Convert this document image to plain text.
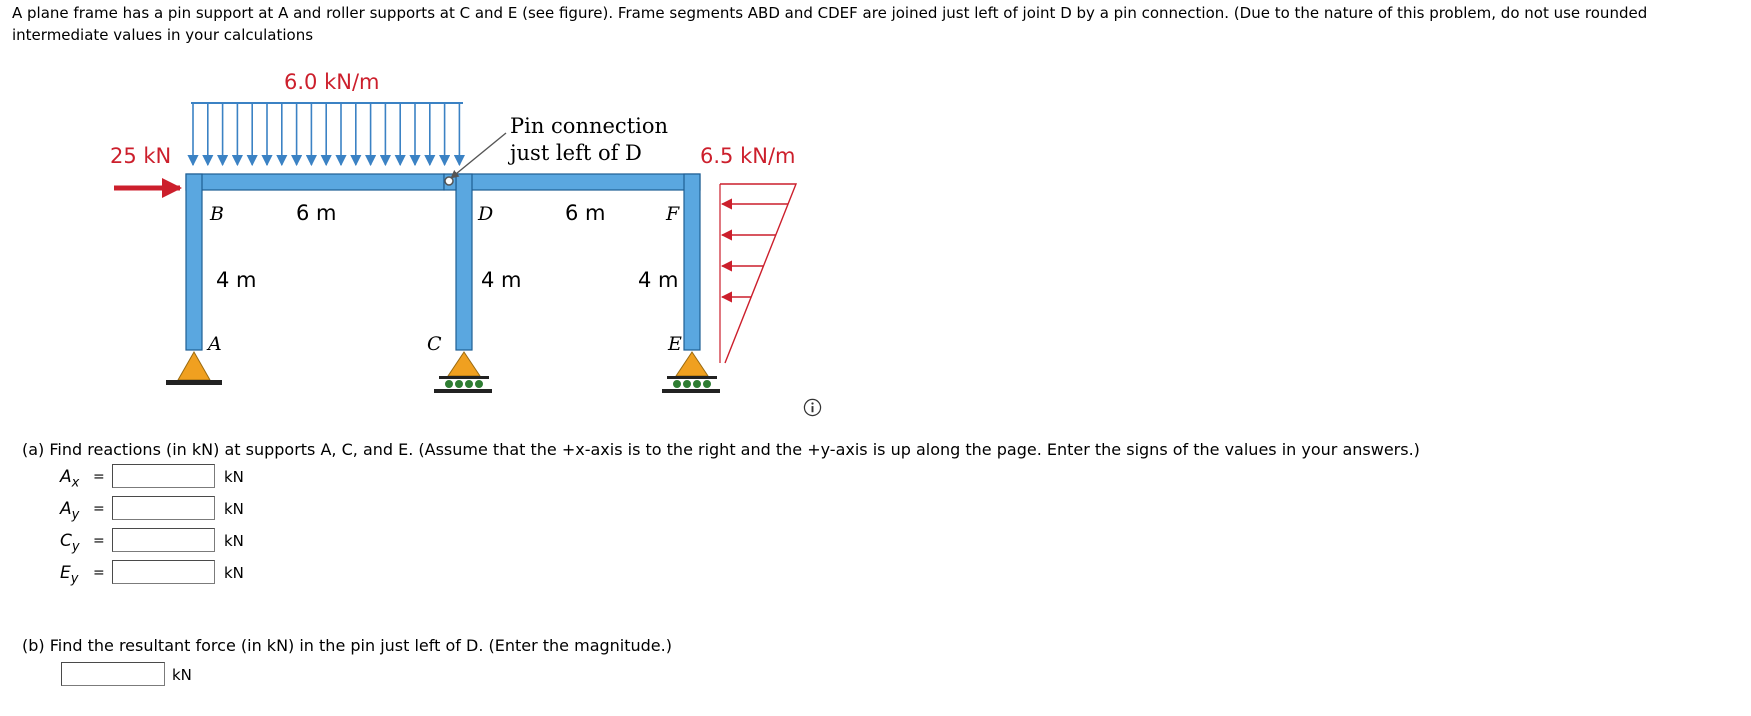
A plane frame has a pin support at A and roller supports at C and E (see figure). Frame segments ABD and CDEF are joined just left of joint D by a pin connection. (Due to the nature of this problem, do not use rounded intermediate values in your calculations
6.0 kN/m
25 kN	6.5 kN/m
Pin connection
just left of D
6 m	6 m
4 m	4 m	4 m
B	D	F
A	C	E
(a) Find reactions (in kN) at supports A, C, and E. (Assume that the +x-axis is to the right and the +y-axis is up along the page. Enter the signs of the values in your answers.)
$A_x$ =	kN
$A_y$ =	kN
$C_y$ =	kN
$E_y$ =	kN
(b) Find the resultant force (in kN) in the pin just left of D. (Enter the magnitude.)
kN
